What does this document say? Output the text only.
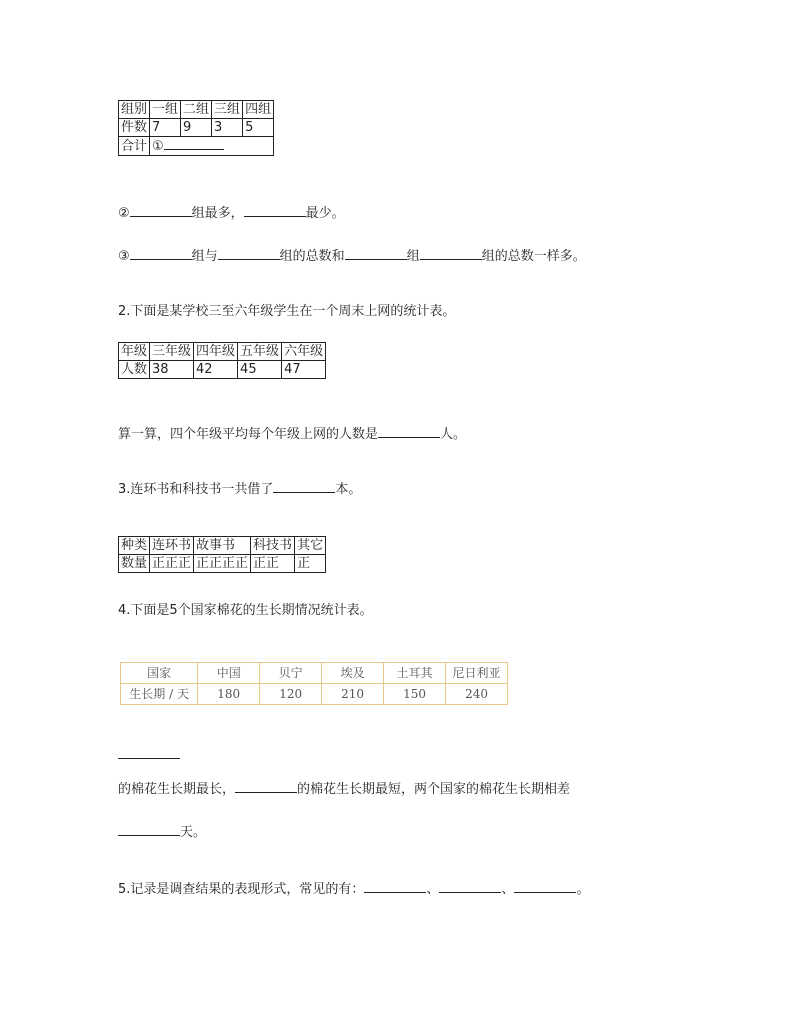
组别	一组	二组	三组	四组
件数	7	9	3	5
合计	①			
②	组最多，	最少。
③	组与	组的总数和	组	组的总数一样多。
2.下面是某学校三至六年级学生在一个周末上网的统计表。
年级	三年级	四年级	五年级	六年级
人数	38	42	45	47
算一算，四个年级平均每个年级上网的人数是	人。
3.连环书和科技书一共借了	本。
种类	连环书	故事书	科技书	其它
数量	正正正	正正正正	正正	正
4.下面是5个国家棉花的生长期情况统计表。
国家	中国	贝宁	埃及	土耳其	尼日利亚
生长期 / 天	180	120	210	150	240
的棉花生长期最长，	的棉花生长期最短，两个国家的棉花生长期相差
天。
5.记录是调查结果的表现形式，常见的有：	、	、	。
